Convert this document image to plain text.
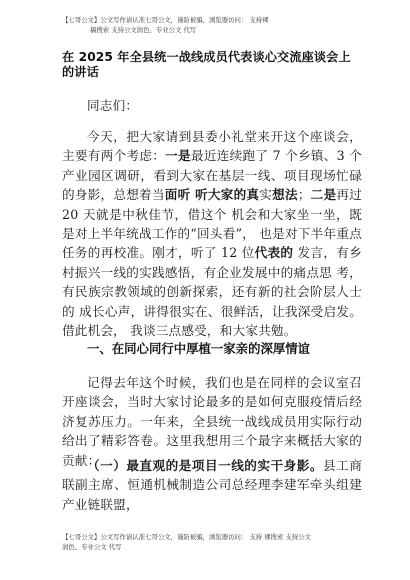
【七哥公文】公文写作请认准七哥公文，谨防被骗，浏览器访问： 支持裸
稿搜索 支持公文润色、专业公文 代写
在 2025 年全县统一战线成员代表谈心交流座谈会上的讲话
同志们：
今天，把大家请到县委小礼堂来开这个座谈会，主要有两个考虑：一是最近连续跑了 7 个乡镇、3 个产业园区调研，看到大家在基层一线、项目现场忙碌的身影，总想着当面听 听大家的真实想法；二是再过 20 天就是中秋佳节，借这个 机会和大家坐一坐，既是对上半年统战工作的“回头看”， 也是对下半年重点任务的再校准。刚才，听了 12 位代表的 发言，有乡村振兴一线的实践感悟，有企业发展中的痛点思 考，有民族宗教领域的创新探索，还有新的社会阶层人士的 成长心声，讲得很实在、很鲜活，让我深受启发。借此机会， 我谈三点感受，和大家共勉。
一、在同心同行中厚植一家亲的深厚情谊
记得去年这个时候，我们也是在同样的会议室召开座谈会，当时大家讨论最多的是如何克服疫情后经济复苏压力。一年来，全县统一战线成员用实际行动给出了精彩答卷。这里我想用三个最字来概括大家的贡献：
（一）最直观的是项目一线的实干身影。县工商联副主席、恒通机械制造公司总经理李建军牵头组建产业链联盟，
【七哥公文】公文写作请认准七哥公文，谨防被骗，浏览器访问： 支持 裸搜索 支持公文
润色、专业公文 代写
